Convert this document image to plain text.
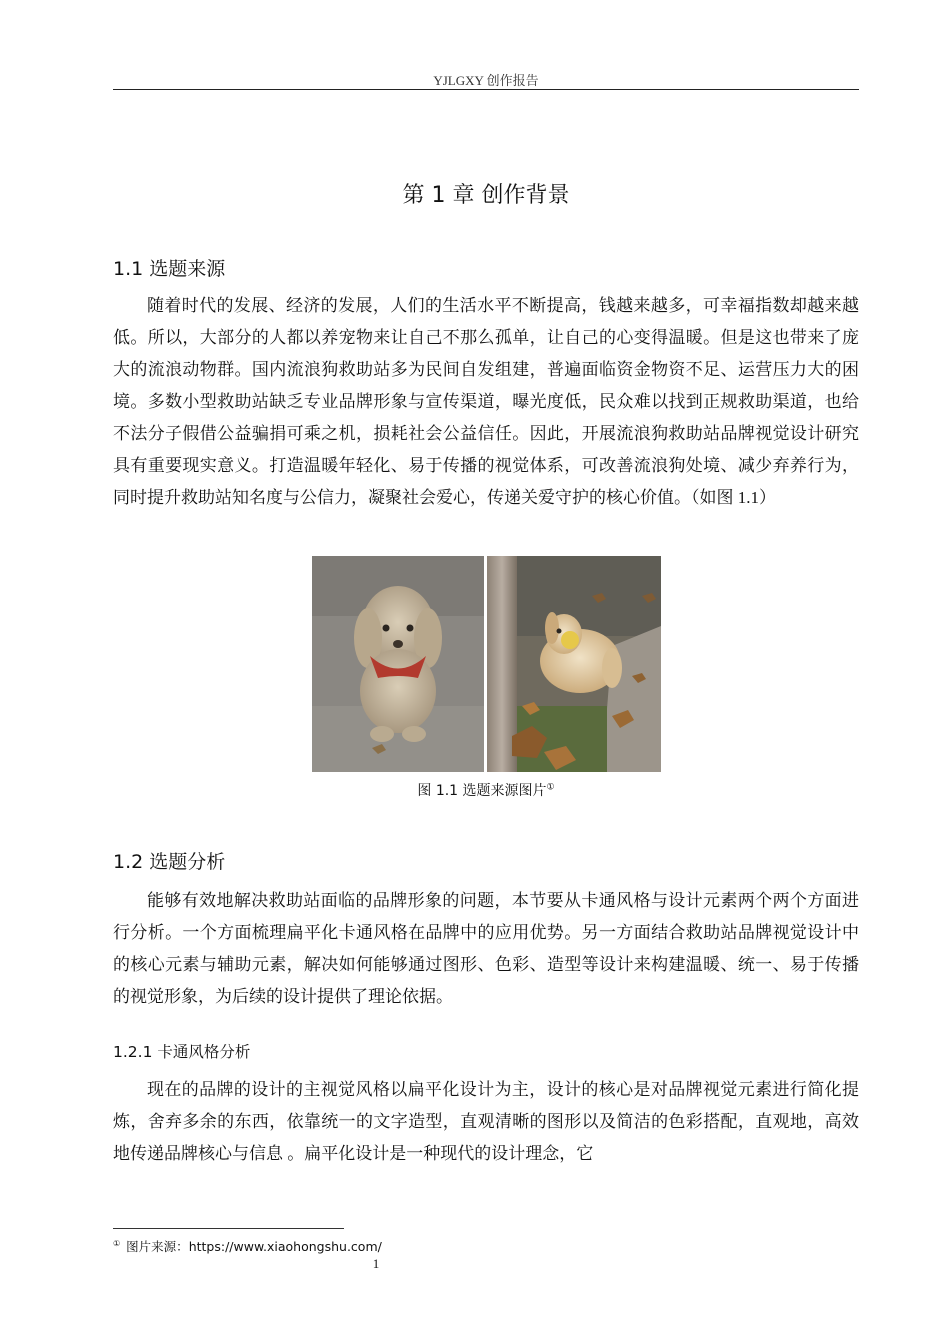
YJLGXY 创作报告
第 1 章 创作背景
1.1 选题来源

随着时代的发展、经济的发展，人们的生活水平不断提高，钱越来越多，可幸福指数却越来越低。所以，大部分的人都以养宠物来让自己不那么孤单，让自己的心变得温暖。但是这也带来了庞大的流浪动物群。国内流浪狗救助站多为民间自发组建，普遍面临资金物资不足、运营压力大的困境。多数小型救助站缺乏专业品牌形象与宣传渠道，曝光度低，民众难以找到正规救助渠道，也给不法分子假借公益骗捐可乘之机，损耗社会公益信任。因此，开展流浪狗救助站品牌视觉设计研究具有重要现实意义。打造温暖年轻化、易于传播的视觉体系，可改善流浪狗处境、减少弃养行为，同时提升救助站知名度与公信力，凝聚社会爱心，传递关爱守护的核心价值。（如图 1.1）

图 1.1 选题来源图片①
1.2 选题分析

能够有效地解决救助站面临的品牌形象的问题，本节要从卡通风格与设计元素两个两个方面进行分析。一个方面梳理扁平化卡通风格在品牌中的应用优势。另一方面结合救助站品牌视觉设计中的核心元素与辅助元素，解决如何能够通过图形、色彩、造型等设计来构建温暖、统一、易于传播的视觉形象，为后续的设计提供了理论依据。

1.2.1 卡通风格分析

现在的品牌的设计的主视觉风格以扁平化设计为主，设计的核心是对品牌视觉元素进行简化提炼，舍弃多余的东西，依靠统一的文字造型，直观清晰的图形以及简洁的色彩搭配，直观地，高效地传递品牌核心与信息 。扁平化设计是一种现代的设计理念，它

① 图片来源：https://www.xiaohongshu.com/
1
